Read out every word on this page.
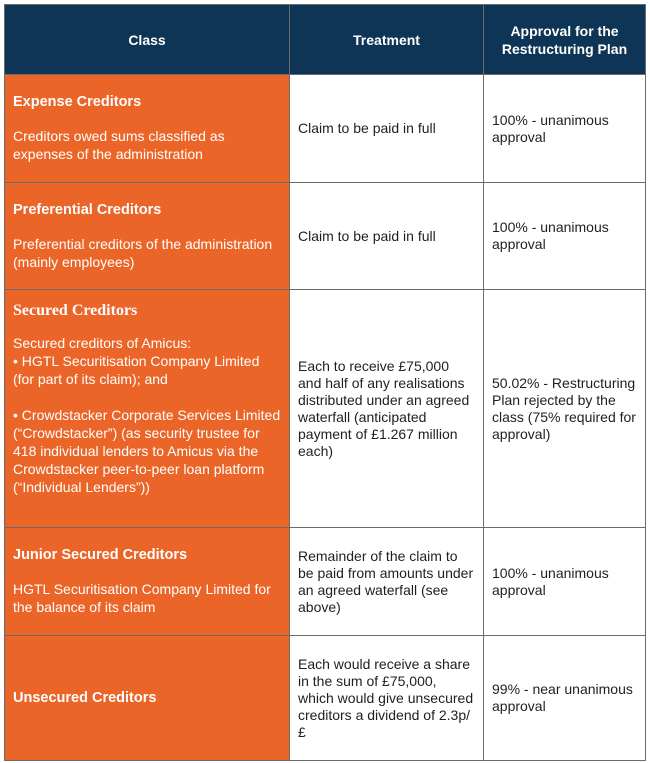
Class	Treatment	Approval for the
Restructuring Plan

Expense Creditors
Creditors owed sums classified as expenses of the administration	Claim to be paid in full	100% - unanimous approval

Preferential Creditors
Preferential creditors of the administration (mainly employees)	Claim to be paid in full	100% - unanimous approval

Secured Creditors
Secured creditors of Amicus:
• HGTL Securitisation Company Limited (for part of its claim); and
• Crowdstacker Corporate Services Limited (“Crowdstacker”) (as security trustee for 418 individual lenders to Amicus via the Crowdstacker peer-to-peer loan platform (“Individual Lenders”))	Each to receive £75,000 and half of any realisations distributed under an agreed waterfall (anticipated payment of £1.267 million each)	50.02% - Restructuring Plan rejected by the class (75% required for approval)

Junior Secured Creditors
HGTL Securitisation Company Limited for the balance of its claim	Remainder of the claim to be paid from amounts under an agreed waterfall (see above)	100% - unanimous approval

Unsecured Creditors	Each would receive a share in the sum of £75,000, which would give unsecured creditors a dividend of 2.3p/£	99% - near unanimous approval
